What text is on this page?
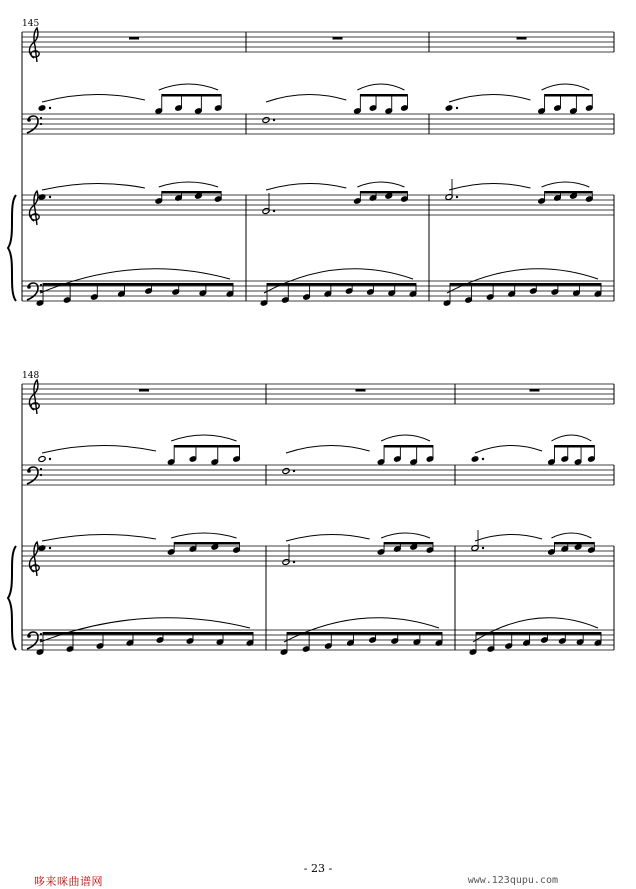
145
148
- 23 -
哆来咪曲谱网	www.123qupu.com
